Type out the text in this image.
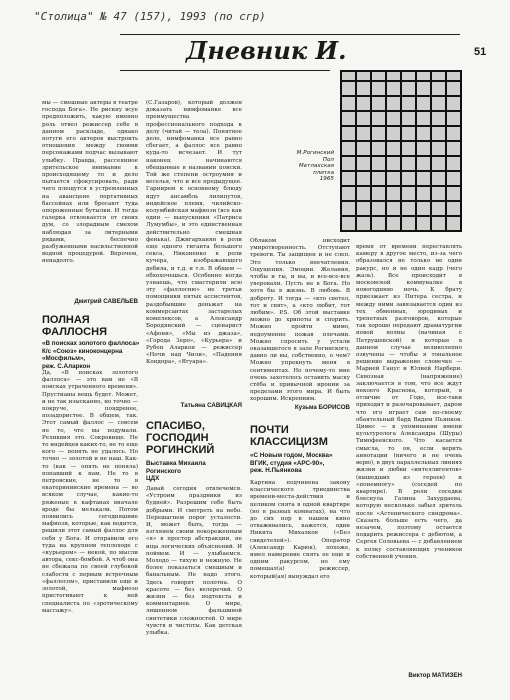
"Столица" № 47 (157), 1993 (по сгр)
Дневник И.	51
мы — смешные актеры в театре господа Бога». Не рискну всуе предположить, какую именно роль отвел режиссер себе в данном раскладе, однако потуги его актеров выстроить отношения между своими персонажами подчас вызывают улыбку. Правда, рассеянное зрительское внимание к происходящему то и дело пытается сфокусировать, ради чего плещутся в устремленных на авансцене портативных бассейнах или бросают туда опороженные бутылки. И тогда галерка отвлекается от своих дум, со злорадным смехом наблюдая за литерными рядами, беспечно разбуженными насильственной водной процедурой. Впрочем, ненадолго.
Дмитрий САВЕЛЬЕВ
ПОЛНАЯ
ФАЛЛОСНЯ
«В поисках золотого фаллоса»
К/с «Союз» киноконцерна «Мосфильм»,
реж. С.Аларкон
Да, «В поисках золотого фаллоса» — это вам не «В поисках утраченного времени». Прустианы вещь будет. Может, и не так изысканно, но точно — покруче, поядренее, позадористее. В общем, так. Этот самый фаллос — совсем не то, что вы подумали. Реликвия это. Сокровище. Не то индейцев каких-то, не то еще кого — понять не удалось. Но точно — золотой и не наш. Как-то (как — опять не поняла) попавший к нам. Не то в петровские, не то в екатерининские времена — во всяком случае, какие-то ряженые в кафтанах вначале вроде бы мелькали. Потом появились сегодняшние мафиози, которые, как водится, решили этот самый фаллос для себя у Бога. И отправили его туда на крупном теплоходе с «курьером» — некой, по мысли автора, секс-бомбой. А чтоб она не сбежала по своей глубокой слабости с первым встречным «фаллосом», приставили еще и золотой, мафиозо пристегивают к ней специалиста по «эротическому массажу».
(С.Газаров), который должен доказать нимфоманке все преимущества профессионального подхода к делу (читай — тела). Понятное дело, нимфоманка все равно сбегает, а фаллос все равно куда-то исчезает. И тут наконец начинаются обещанные в названии поиски. Той же степени остроумия и веселья, что и все предыдущее. Гарнирем к основному блюду идут ансамбль лилипутов, индейское племя, чилийско-колумбийская мафиози (все как один — выпускники «Патриса Лумумбы», и это единственная действительно смешная фенька). Джигарханян в роли еще одного гиганта большого секса, Никоненко в роли кучера, изображающего дебила, и т.д. и т.п. В общем — обхохочешься. Особенно когда узнаешь, что смастерили всю эту «фаллосню» не третьи помощники пятых ассистентов, раздобывшие деньжат на коммерсантах застарелых комплексов, а Александр Бородянский — сценарист «Афони», «Мы из джаза», «Города Зеро», «Курьера» и Рубен Аларкон — режиссер «Ночи над Чили», «Падения Кондора», «Ягуара».
Татьяна САВИЦКАЯ
СПАСИБО,
ГОСПОДИН
РОГИНСКИЙ
Выставка Михаила
Рогинского
ЦДХ
Давай сегодня отвлечемся. «Устроим праздники из будней». Разрешим себе быть добрыми. И смотреть на небо. Перешагнем порог усталости. И, может быть, тогда — взглянем своим покореженным «я» в простор абстракции, не ища логических объяснений. И поймем. И — улыбаемся. Молодо — тихую и нежную. Не более показаться смешным и банальным. Не надо этого. Здесь говорят полотна. О красоте — без велеречий. О жизни — без подтекста и комментариев. О мире, лишенном фальшивой синтетики сложностей. О мире чувств и чистоты. Как детская улыбка.
М.Рогинский
Пол
Метлахская
плитка
1965
Облаком нисходит умиротворенность. Отступают тревоги. Ты защищен и не слеп. Это только впечатления. Ощущения. Эмоции. Желания, чтобы и ты, и вы, и все-все-все уверовали. Пусть не в Бога. Но хотя бы в жизнь. В любовь. В доброту. И тогда — «кто светел, тот и свят», а «кто любит, тот любим». P.S. Об этой выставке можно до хрипоты и спорить. Можно пройти мимо, недоуменно пожав плечами. Можно спросить у устали оказавшегося в зале Рогинского, давно ли вы, собственно, о чем? Можно упрекнуть меня в сентиментах. Но почему-то мне очень захотелось оставить маску стёба и привычной иронии за пределами этого мира. И быть хорошим. Искренним.
Кузьма БОРИСОВ
ПОЧТИ
КЛАССИЦИЗМ
«С Новым годом, Москва»
ВГИК, студия «АРС-90»,
реж. Н.Пьянкова
Картина подчинена закону классического триединства времени-места-действия и целиком снята в одной квартире (но в разных комнатах), на что до сих пор в нашем кино отваживались, кажется, один Никита Михалков («Без свидетелей»). Оператор (Александр Карюк), похоже, имел намерение снять ее еще и одним ракурсом, но ему помешал(а) режиссер, который(ая) вынуждал его
время от времени переставлять камеру в другое место, из-за чего образовался не только не один ракурс, но и не один кадр (чего жаль). Все происходит в московской коммуналке в новогоднюю ночь. К брату приезжает из Питера сестра, и между ними завязывается один из тех обменных, юродивых и трепетных разговоров, которые так хорошо передают драматургии новой волны (начиная с Петрушевской) и которые в данном случае великолепно озвучены — чтобы я тональное решение выражение словечко — Марией Ганус и Юлией Нарбери. Сквозная (напряжение) заключается в том, что все ждут некоего Краснова, который, в отличие от Годо, все-таки приходит и разочаровывает, даром что его играет сам по-своему обаятельный бард Вадим Пьянков. Цимес — в упоминании имени культуролога Александра (Шуры) Тимофеевского. Что касается смысла, то он, если верить аннотации (ничего и не очень верю), в двух параллельных линиях жизни и любви «интеллигентов» (вышедших из героев) и «понемногу» (соседей по квартире). В роли соседки блеснула Галина Захурдаева, которую несколько забыл зритель после «Астенического синдрома». Сказать больше есть чего, да незачем, поэтому остается подарить режиссера с дебютом, а Сергея Соловьева — с добавлением к полку составляющих учеников собственной учения.
Виктор МАТИЗЕН
